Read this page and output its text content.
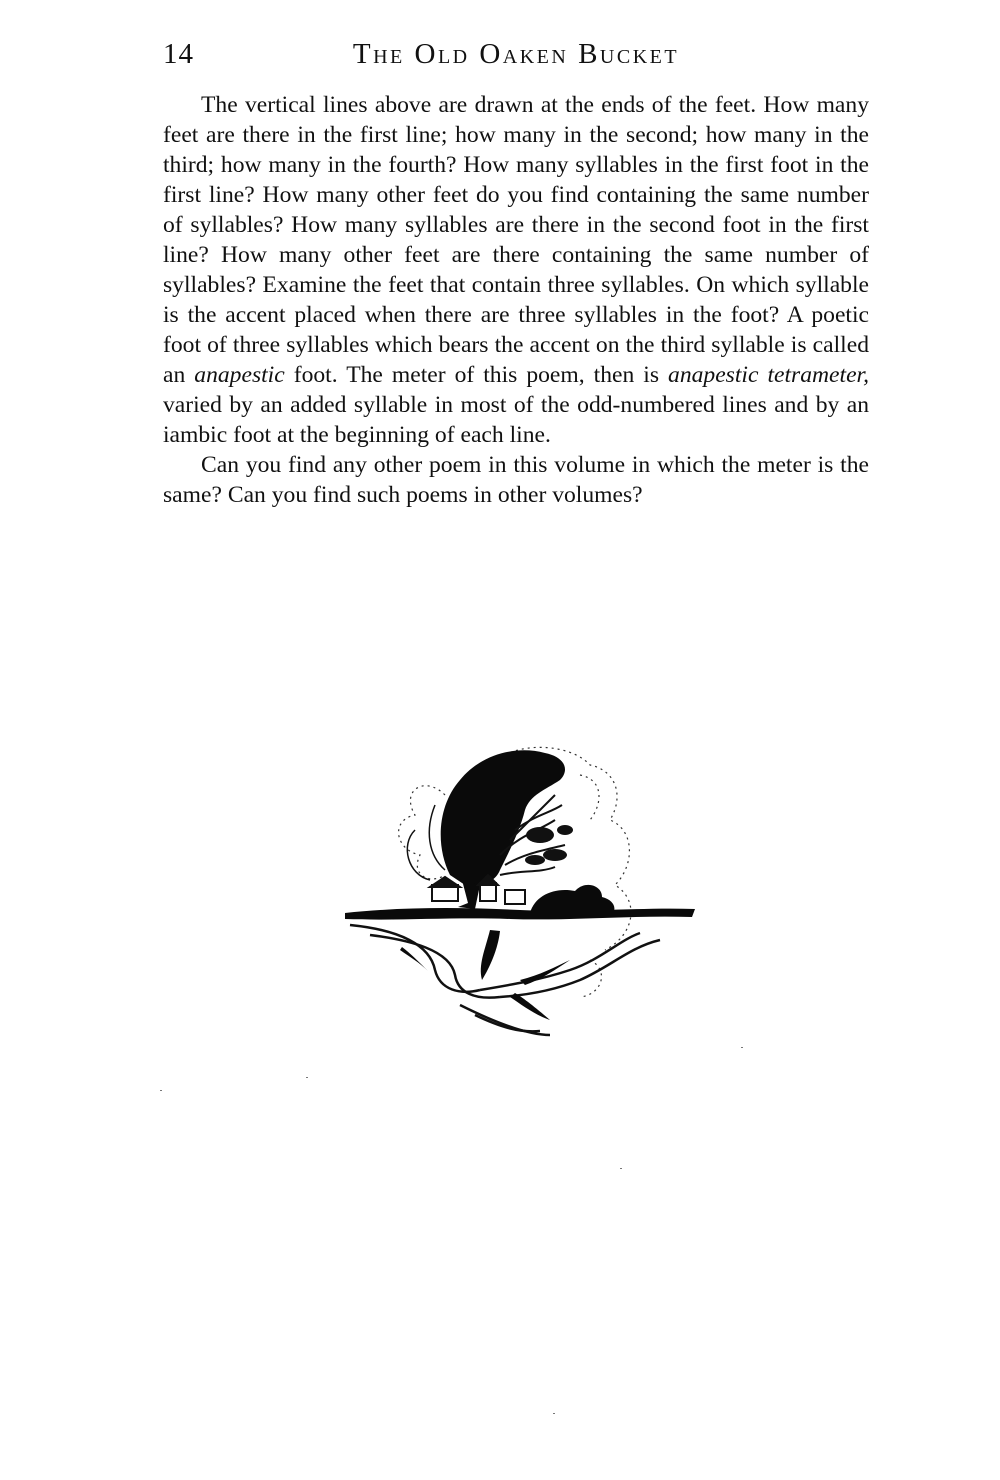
14	The Old Oaken Bucket

The vertical lines above are drawn at the ends of the feet. How many feet are there in the first line; how many in the second; how many in the third; how many in the fourth? How many syllables in the first foot in the first line? How many other feet do you find containing the same number of syllables? How many syllables are there in the second foot in the first line? How many other feet are there containing the same number of syllables? Examine the feet that contain three syllables. On which syllable is the accent placed when there are three syllables in the foot? A poetic foot of three syllables which bears the accent on the third syllable is called an anapestic foot. The meter of this poem, then is anapestic tetrameter, varied by an added syllable in most of the odd-numbered lines and by an iambic foot at the beginning of each line.

Can you find any other poem in this volume in which the meter is the same? Can you find such poems in other volumes?
